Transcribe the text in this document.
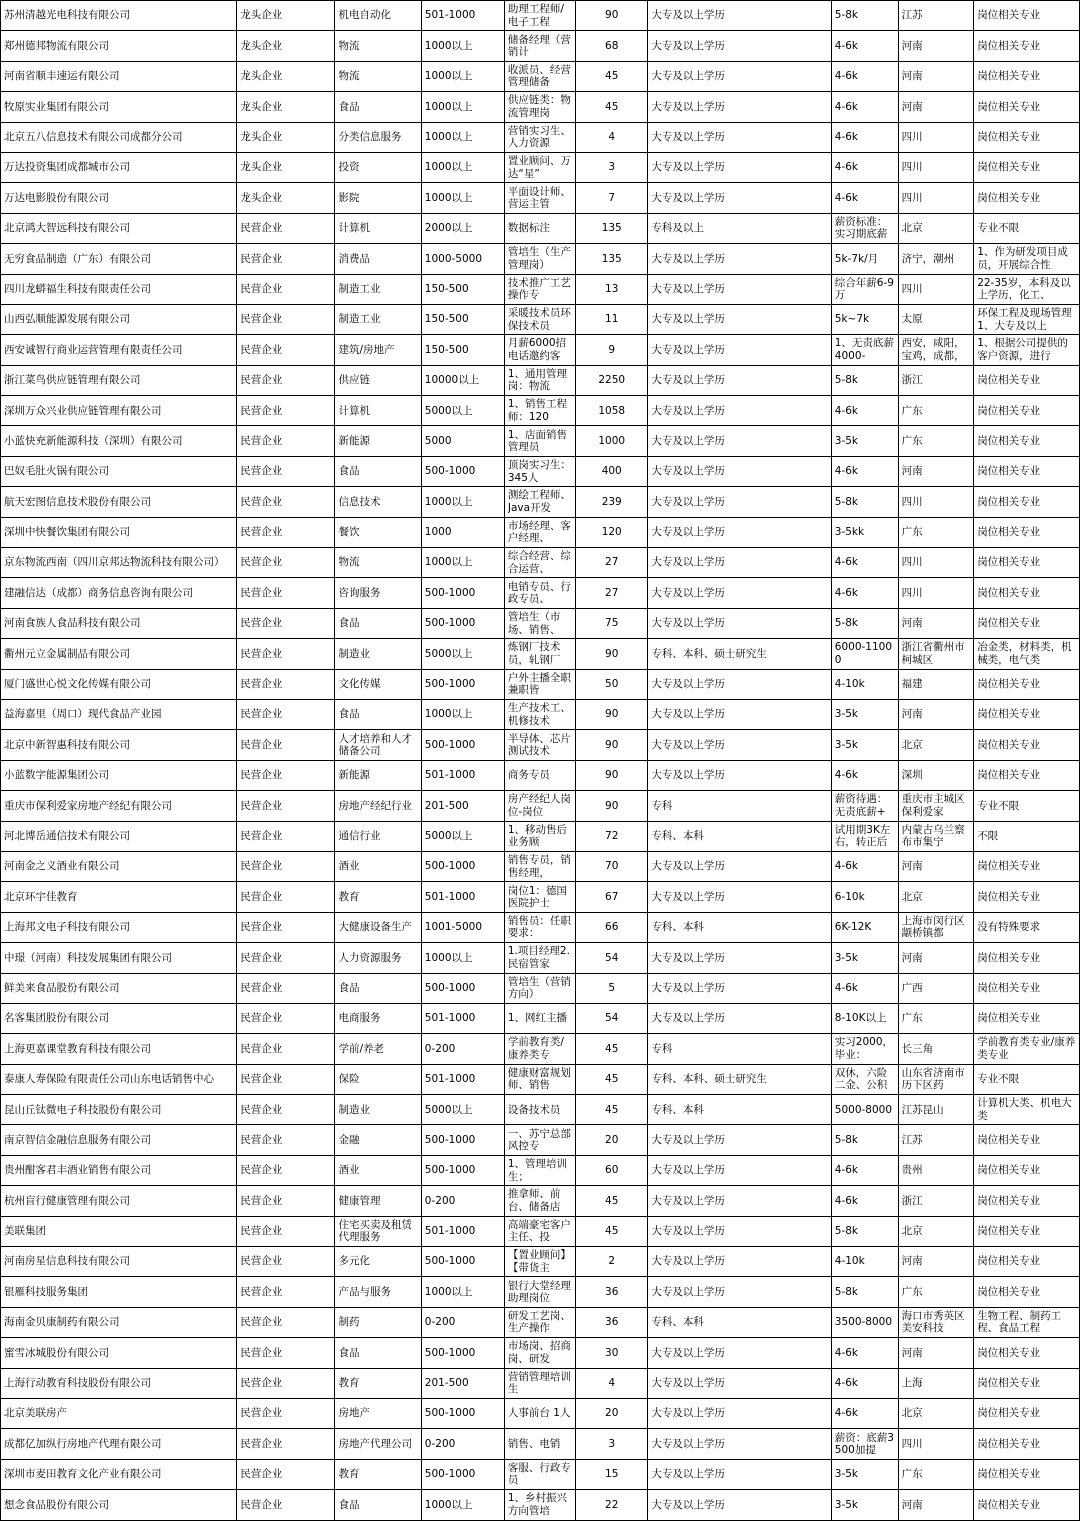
苏州清越光电科技有限公司	龙头企业	机电自动化	501-1000	助理工程师/电子工程	90	大专及以上学历	5-8k	江苏	岗位相关专业

郑州德邦物流有限公司	龙头企业	物流	1000以上	储备经理（营销计	68	大专及以上学历	4-6k	河南	岗位相关专业

河南省顺丰速运有限公司	龙头企业	物流	1000以上	收派员、经营管理储备	45	大专及以上学历	4-6k	河南	岗位相关专业

牧原实业集团有限公司	龙头企业	食品	1000以上	供应链类：物流管理岗	45	大专及以上学历	4-6k	河南	岗位相关专业

北京五八信息技术有限公司成都分公司	龙头企业	分类信息服务	1000以上	营销实习生、人力资源	4	大专及以上学历	4-6k	四川	岗位相关专业

万达投资集团成都城市公司	龙头企业	投资	1000以上	置业顾问、万达“星”	3	大专及以上学历	4-6k	四川	岗位相关专业

万达电影股份有限公司	龙头企业	影院	1000以上	平面设计师、营运主管	7	大专及以上学历	4-6k	四川	岗位相关专业

北京鸿大智远科技有限公司	民营企业	计算机	2000以上	数据标注	135	专科及以上	薪资标准：实习期底薪	北京	专业不限

无穷食品制造（广东）有限公司	民营企业	消费品	1000-5000	管培生（生产管理岗）	135	大专及以上学历	5k-7k/月	济宁，潮州	1、作为研发项目成员，开展综合性

四川龙蟒福生科技有限责任公司	民营企业	制造工业	150-500	技术推广工艺操作专	13	大专及以上学历	综合年薪6-9万	四川	22-35岁，本科及以上学历，化工、

山西弘顺能源发展有限公司	民营企业	制造工业	150-500	采暖技术员环保技术员	11	大专及以上学历	5k~7k	太原	环保工程及现场管理1、大专及以上

西安诚智行商业运营管理有限责任公司	民营企业	建筑/房地产	150-500	月薪6000招电话邀约客	9	大专及以上学历	1、无责底薪4000-	西安，咸阳，宝鸡，成都，	1、根据公司提供的客户资源，进行

浙江菜鸟供应链管理有限公司	民营企业	供应链	10000以上	1、通用管理岗：物流	2250	大专及以上学历	5-8k	浙江	岗位相关专业

深圳万众兴业供应链管理有限公司	民营企业	计算机	5000以上	1、销售工程师：120	1058	大专及以上学历	4-6k	广东	岗位相关专业

小蓝快充新能源科技（深圳）有限公司	民营企业	新能源	5000	1、店面销售管理员	1000	大专及以上学历	3-5k	广东	岗位相关专业

巴奴毛肚火锅有限公司	民营企业	食品	500-1000	顶岗实习生：345人	400	大专及以上学历	4-6k	河南	岗位相关专业

航天宏图信息技术股份有限公司	民营企业	信息技术	1000以上	测绘工程师、Java开发	239	大专及以上学历	5-8k	四川	岗位相关专业

深圳中快餐饮集团有限公司	民营企业	餐饮	1000	市场经理、客户经理、	120	大专及以上学历	3-5kk	广东	岗位相关专业

京东物流西南（四川京邦达物流科技有限公司）	民营企业	物流	1000以上	综合经营、综合运营、	27	大专及以上学历	4-6k	四川	岗位相关专业

建融信达（成都）商务信息咨询有限公司	民营企业	咨询服务	500-1000	电销专员、行政专员、	27	大专及以上学历	4-6k	四川	岗位相关专业

河南食族人食品科技有限公司	民营企业	食品	500-1000	管培生（市场、销售、	75	大专及以上学历	5-8k	河南	岗位相关专业

衢州元立金属制品有限公司	民营企业	制造业	5000以上	炼钢厂技术员，轧钢厂	90	专科、本科、硕士研究生	6000-11000	浙江省衢州市柯城区	冶金类，材料类，机械类，电气类

厦门盛世心悦文化传媒有限公司	民营企业	文化传媒	500-1000	户外主播全职兼职皆	50	大专及以上学历	4-10k	福建	岗位相关专业

益海嘉里（周口）现代食品产业园	民营企业	食品	1000以上	生产技术工、机修技术	90	大专及以上学历	3-5k	河南	岗位相关专业

北京中新智惠科技有限公司	民营企业	人才培养和人才储备公司	500-1000	半导体、芯片测试技术	90	大专及以上学历	3-5k	北京	岗位相关专业

小蓝数字能源集团公司	民营企业	新能源	501-1000	商务专员	90	大专及以上学历	4-6k	深圳	岗位相关专业

重庆市保利爱家房地产经纪有限公司	民营企业	房地产经纪行业	201-500	房产经纪人岗位-岗位	90	专科	薪资待遇：无责底薪+	重庆市主城区保利爱家	专业不限

河北博岳通信技术有限公司	民营企业	通信行业	5000以上	1、移动售后业务顾	72	专科、本科	试用期3K左右，转正后	内蒙古乌兰察布市集宁	不限

河南金之义酒业有限公司	民营企业	酒业	500-1000	销售专员，销售经理，	70	大专及以上学历	4-6k	河南	岗位相关专业

北京环宇佳教育	民营企业	教育	501-1000	岗位1：德国医院护士	67	大专及以上学历	6-10k	北京	岗位相关专业

上海邦文电子科技有限公司	民营企业	大健康设备生产	1001-5000	销售员：任职要求：	66	专科、本科	6K-12K	上海市闵行区颛桥镇都	没有特殊要求

中璟（河南）科技发展集团有限公司	民营企业	人力资源服务	1000以上	1.项目经理2.民宿管家	54	大专及以上学历	3-5k	河南	岗位相关专业

鲜美来食品股份有限公司	民营企业	食品	500-1000	管培生（营销方向）	5	大专及以上学历	4-6k	广西	岗位相关专业

名客集团股份有限公司	民营企业	电商服务	501-1000	1、网红主播	54	大专及以上学历	8-10K以上	广东	岗位相关专业

上海更嘉课堂教育科技有限公司	民营企业	学前/养老	0-200	学前教育类/康养类专	45	专科	实习2000，毕业：	长三角	学前教育类专业/康养类专业

泰康人寿保险有限责任公司山东电话销售中心	民营企业	保险	501-1000	健康财富规划师、销售	45	专科、本科、硕士研究生	双休，六险二金、公积	山东省济南市历下区药	专业不限

昆山丘钛微电子科技股份有限公司	民营企业	制造业	5000以上	设备技术员	45	专科、本科	5000-8000	江苏昆山	计算机大类、机电大类

南京智信金融信息服务有限公司	民营企业	金融	500-1000	一、苏宁总部风控专	20	大专及以上学历	5-8k	江苏	岗位相关专业

贵州酣客君丰酒业销售有限公司	民营企业	酒业	500-1000	1、管理培训生；	60	大专及以上学历	4-6k	贵州	岗位相关专业

杭州盲行健康管理有限公司	民营企业	健康管理	0-200	推拿师、前台、储备店	45	大专及以上学历	4-6k	浙江	岗位相关专业

美联集团	民营企业	住宅买卖及租赁代理服务	501-1000	高端豪宅客户主任、投	45	大专及以上学历	5-8k	北京	岗位相关专业

河南房星信息科技有限公司	民营企业	多元化	500-1000	【置业顾问】【带货主	2	大专及以上学历	4-10k	河南	岗位相关专业

银雁科技服务集团	民营企业	产品与服务	1000以上	银行大堂经理助理岗位	36	大专及以上学历	5-8k	广东	岗位相关专业

海南金贝康制药有限公司	民营企业	制药	0-200	研发工艺岗、生产操作	36	专科、本科	3500-8000	海口市秀英区美安科技	生物工程、制药工程、食品工程

蜜雪冰城股份有限公司	民营企业	食品	500-1000	市场岗、招商岗、研发	30	大专及以上学历	4-6k	河南	岗位相关专业

上海行动教育科技股份有限公司	民营企业	教育	201-500	营销管理培训生	4	大专及以上学历	4-6k	上海	岗位相关专业

北京美联房产	民营企业	房地产	500-1000	人事前台 1人	20	大专及以上学历	4-6k	北京	岗位相关专业

成都亿加纵行房地产代理有限公司	民营企业	房地产代理公司	0-200	销售、电销	3	大专及以上学历	薪资：底薪3500加提	四川	岗位相关专业

深圳市麦田教育文化产业有限公司	民营企业	教育	500-1000	客服、行政专员	15	大专及以上学历	3-5k	广东	岗位相关专业

想念食品股份有限公司	民营企业	食品	1000以上	1、乡村振兴方向管培	22	大专及以上学历	3-5k	河南	岗位相关专业
